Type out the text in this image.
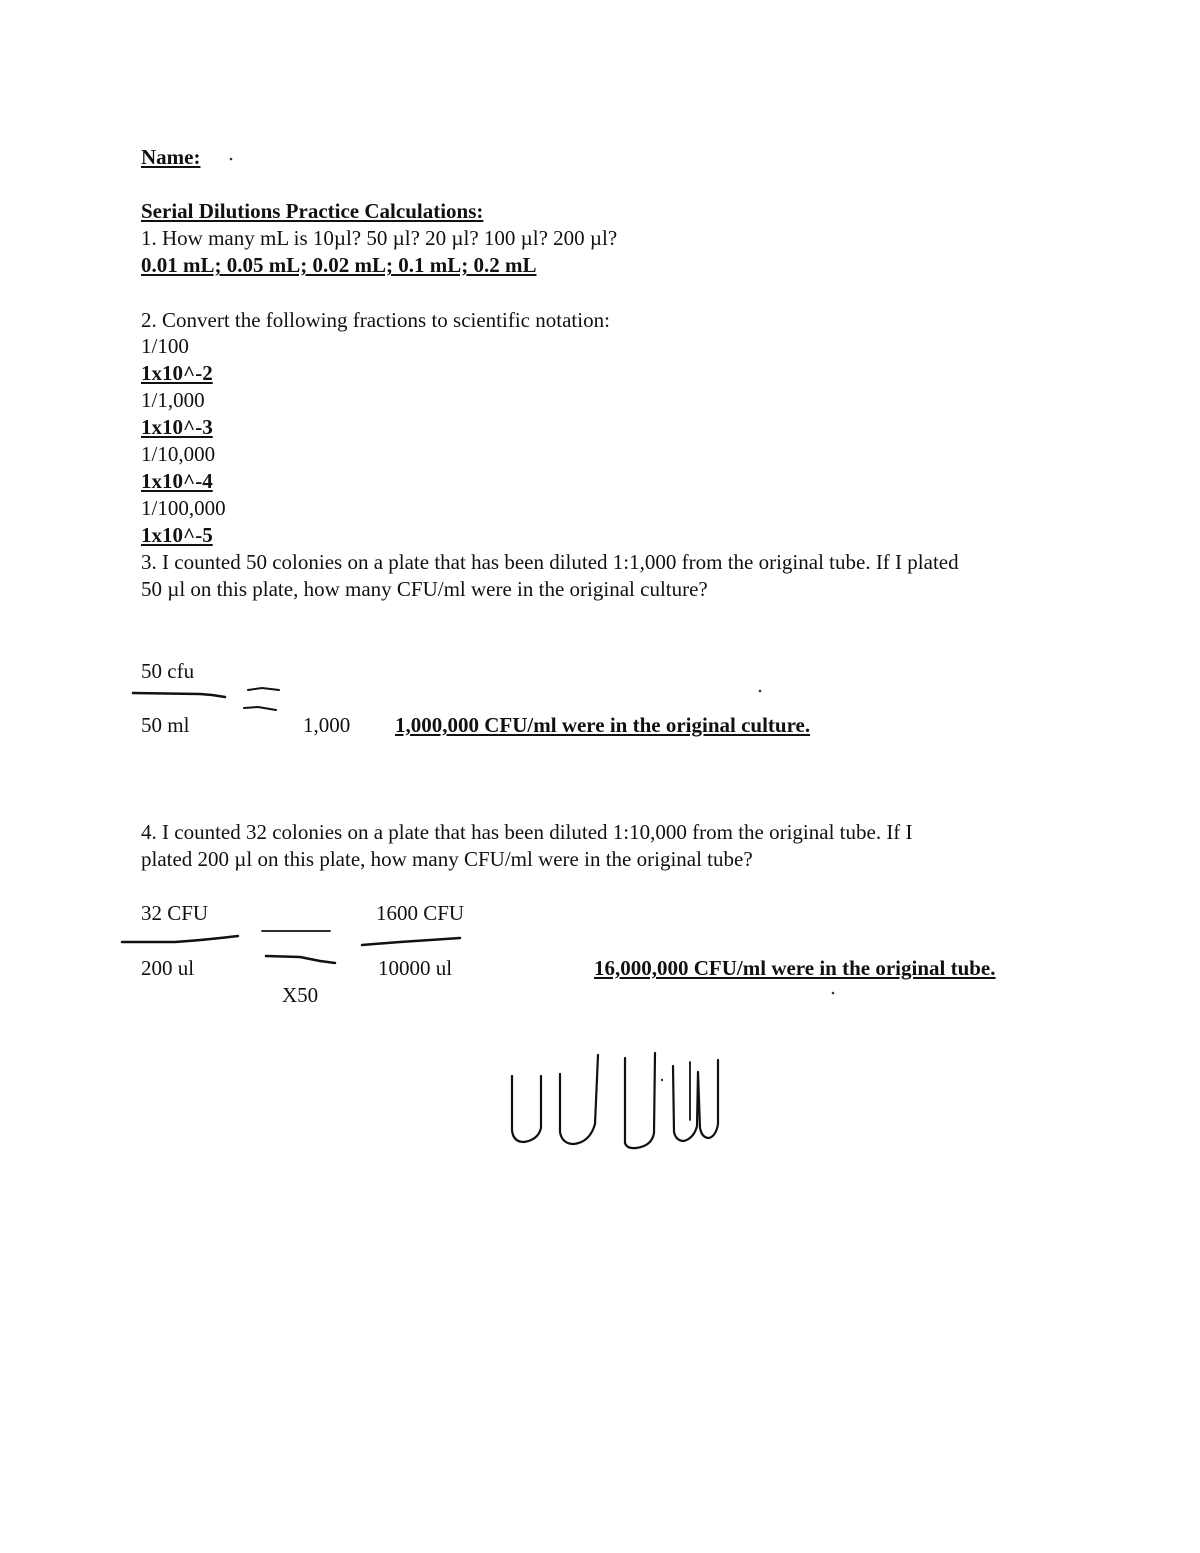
Name:
Serial Dilutions Practice Calculations:
1. How many mL is 10µl? 50 µl? 20 µl? 100 µl? 200 µl?
0.01 mL; 0.05 mL; 0.02 mL; 0.1 mL; 0.2 mL
2. Convert the following fractions to scientific notation:
1/100
1x10^-2
1/1,000
1x10^-3
1/10,000
1x10^-4
1/100,000
1x10^-5
3. I counted 50 colonies on a plate that has been diluted 1:1,000 from the original tube. If I plated
50 µl on this plate, how many CFU/ml were in the original culture?
50 cfu
50 ml	1,000 1,000,000 CFU/ml were in the original culture.
4. I counted 32 colonies on a plate that has been diluted 1:10,000 from the original tube. If I
plated 200 µl on this plate, how many CFU/ml were in the original tube?
32 CFU	1600 CFU
200 ul	10000 ul	16,000,000 CFU/ml were in the original tube.
X50
